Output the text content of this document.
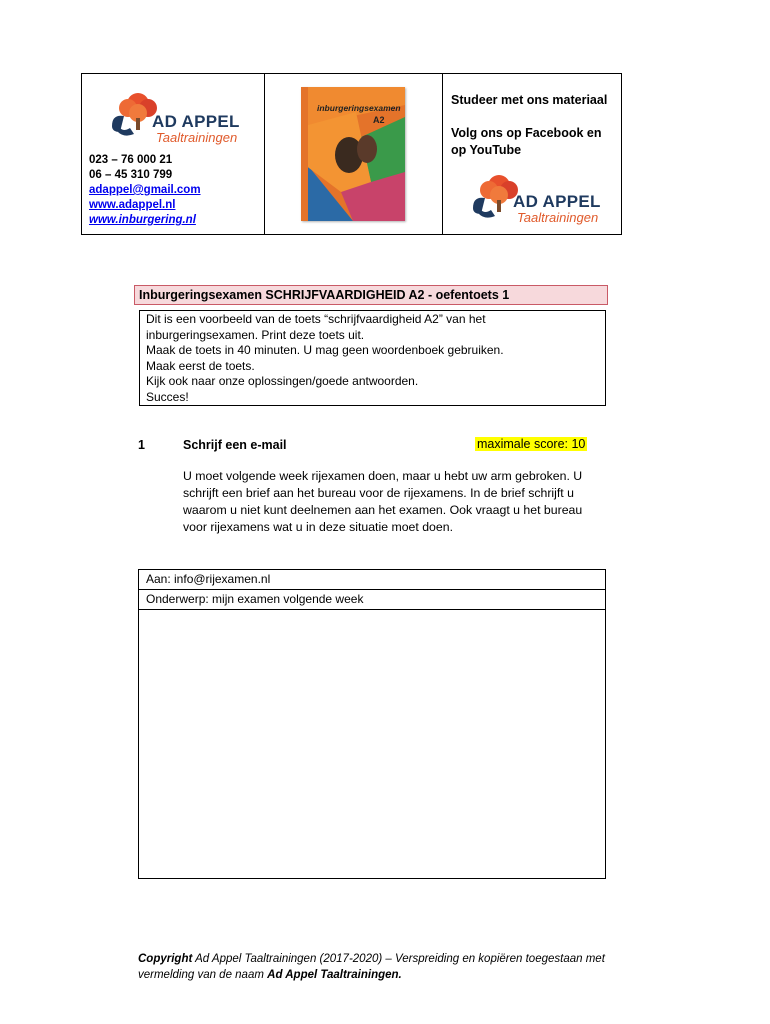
AD APPEL
Taaltrainingen
023 – 76 000 21
06 – 45 310 799
adappel@gmail.com
www.adappel.nl
www.inburgering.nl
inburgeringsexamen
A2

Studeer met ons materiaal

Volg ons op Facebook en op YouTube

AD APPEL
Taaltrainingen
Inburgeringsexamen SCHRIJFVAARDIGHEID A2 - oefentoets 1
Dit is een voorbeeld van de toets “schrijfvaardigheid A2” van het
inburgeringsexamen. Print deze toets uit.
Maak de toets in 40 minuten. U mag geen woordenboek gebruiken.
Maak eerst de toets.
Kijk ook naar onze oplossingen/goede antwoorden.
Succes!
1	Schrijf een e-mail	maximale score: 10
U moet volgende week rijexamen doen, maar u hebt uw arm gebroken. U schrijft een brief aan het bureau voor de rijexamens. In de brief schrijft u waarom u niet kunt deelnemen aan het examen. Ook vraagt u het bureau voor rijexamens wat u in deze situatie moet doen.
Aan: info@rijexamen.nl
Onderwerp: mijn examen volgende week
Copyright Ad Appel Taaltrainingen (2017-2020) – Verspreiding en kopiëren toegestaan met vermelding van de naam Ad Appel Taaltrainingen.
